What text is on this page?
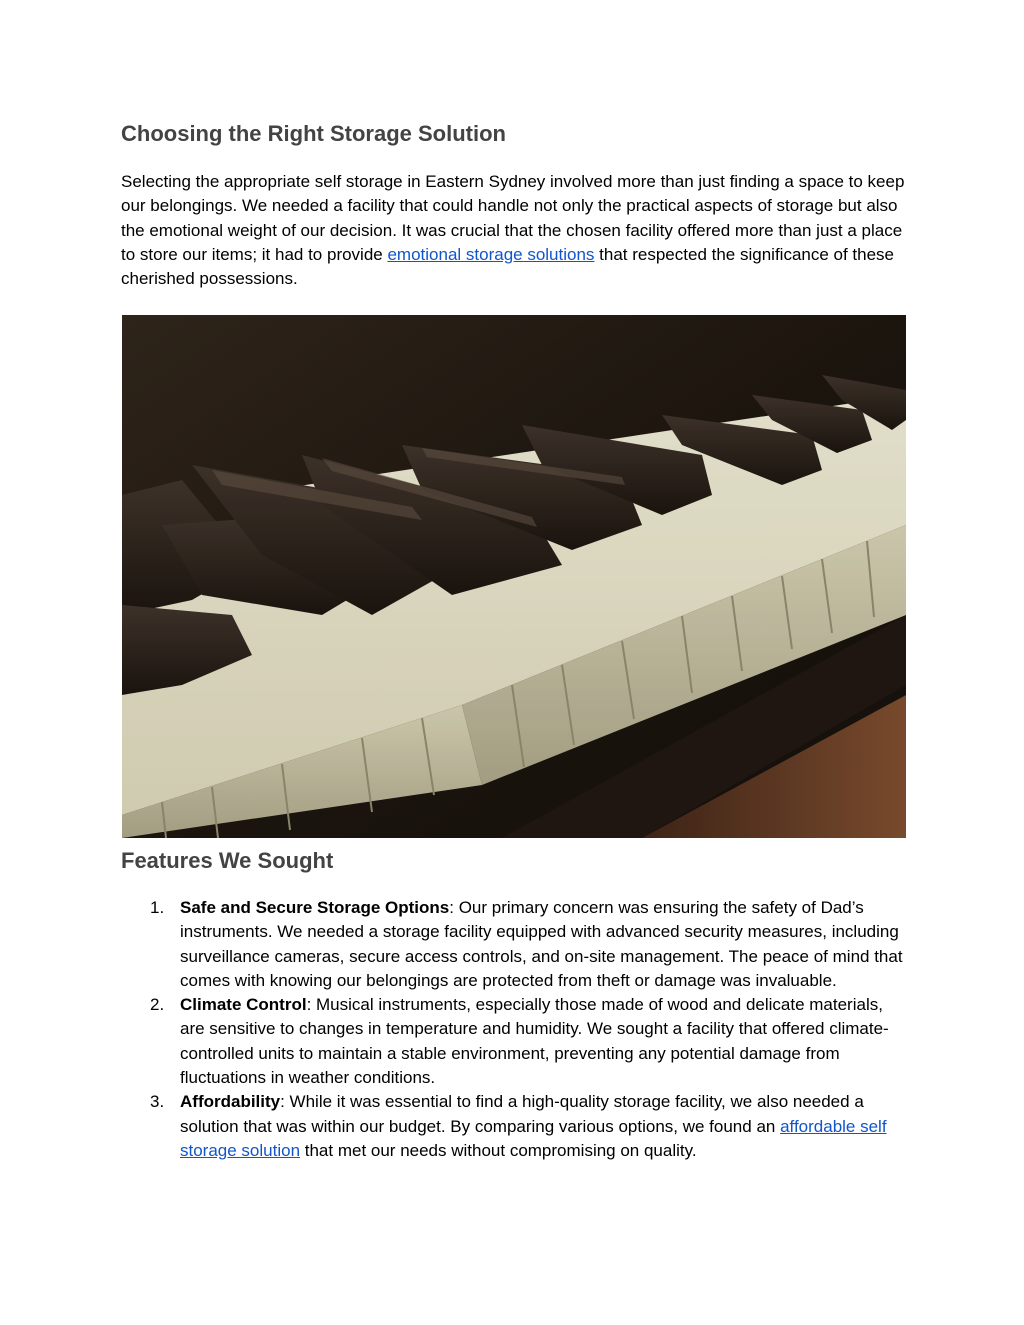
Choosing the Right Storage Solution

Selecting the appropriate self storage in Eastern Sydney involved more than just finding a space to keep our belongings. We needed a facility that could handle not only the practical aspects of storage but also the emotional weight of our decision. It was crucial that the chosen facility offered more than just a place to store our items; it had to provide emotional storage solutions that respected the significance of these cherished possessions.

Features We Sought
1. Safe and Secure Storage Options: Our primary concern was ensuring the safety of Dad’s instruments. We needed a storage facility equipped with advanced security measures, including surveillance cameras, secure access controls, and on-site management. The peace of mind that comes with knowing our belongings are protected from theft or damage was invaluable.
2. Climate Control: Musical instruments, especially those made of wood and delicate materials, are sensitive to changes in temperature and humidity. We sought a facility that offered climate-controlled units to maintain a stable environment, preventing any potential damage from fluctuations in weather conditions.
3. Affordability: While it was essential to find a high-quality storage facility, we also needed a solution that was within our budget. By comparing various options, we found an affordable self storage solution that met our needs without compromising on quality.
